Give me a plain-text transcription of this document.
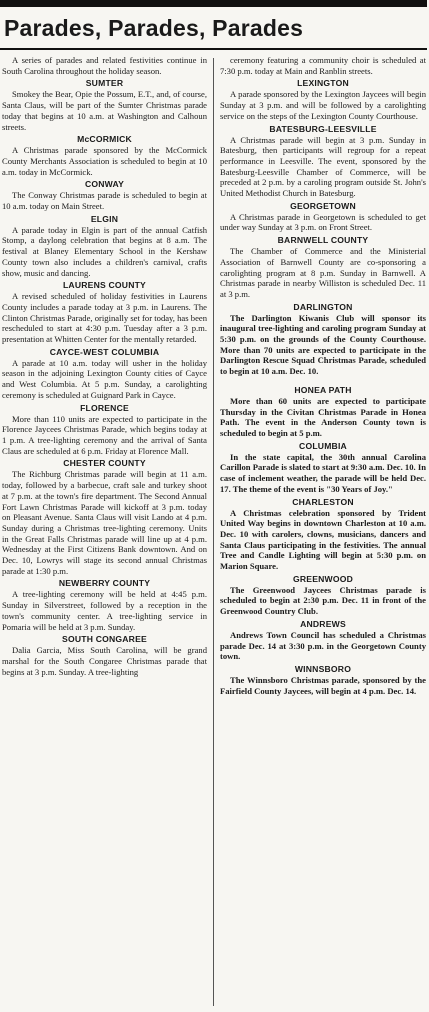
Parades, Parades, Parades

A series of parades and related festivities continue in South Carolina throughout the holiday season.

SUMTER

Smokey the Bear, Opie the Possum, E.T., and, of course, Santa Claus, will be part of the Sumter Christmas parade today that begins at 10 a.m. at Washington and Calhoun streets.

McCORMICK

A Christmas parade sponsored by the McCormick County Merchants Association is scheduled to begin at 10 a.m. today in McCormick.

CONWAY

The Conway Christmas parade is scheduled to begin at 10 a.m. today on Main Street.

ELGIN

A parade today in Elgin is part of the annual Catfish Stomp, a daylong celebration that begins at 8 a.m. The festival at Blaney Elementary School in the Kershaw County town also includes a children's carnival, crafts show, music and dancing.

LAURENS COUNTY

A revised scheduled of holiday festivities in Laurens County includes a parade today at 3 p.m. in Laurens. The Clinton Christmas Parade, originally set for today, has been rescheduled to start at 4:30 p.m. Tuesday after a 3 p.m. presentation at Whitten Center for the mentally retarded.

CAYCE-WEST COLUMBIA

A parade at 10 a.m. today will usher in the holiday season in the adjoining Lexington County cities of Cayce and West Columbia. At 5 p.m. Sunday, a carolighting ceremony is scheduled at Guignard Park in Cayce.

FLORENCE

More than 110 units are expected to participate in the Florence Jaycees Christmas Parade, which begins today at 1 p.m. A tree-lighting ceremony and the arrival of Santa Claus are scheduled at 6 p.m. Friday at Florence Mall.

CHESTER COUNTY

The Richburg Christmas parade will begin at 11 a.m. today, followed by a barbecue, craft sale and turkey shoot at 7 p.m. at the town's fire department. The Second Annual Fort Lawn Christmas Parade will kickoff at 3 p.m. today on Pleasant Avenue. Santa Claus will visit Lando at 4 p.m. Sunday during a Christmas tree-lighting ceremony. Units in the Great Falls Christmas parade will line up at 4 p.m. Wednesday at the First Citizens Bank downtown. And on Dec. 10, Lowrys will stage its second annual Christmas parade at 1:30 p.m.

NEWBERRY COUNTY

A tree-lighting ceremony will be held at 4:45 p.m. Sunday in Silverstreet, followed by a reception in the town's community center. A tree-lighting service in Pomaria will be held at 3 p.m. Sunday.

SOUTH CONGAREE

Dalia Garcia, Miss South Carolina, will be grand marshal for the South Congaree Christmas parade that begins at 3 p.m. Sunday. A tree-lighting

ceremony featuring a community choir is scheduled at 7:30 p.m. today at Main and Ranblin streets.

LEXINGTON

A parade sponsored by the Lexington Jaycees will begin Sunday at 3 p.m. and will be followed by a carolighting service on the steps of the Lexington County Courthouse.

BATESBURG-LEESVILLE

A Christmas parade will begin at 3 p.m. Sunday in Batesburg, then participants will regroup for a repeat performance in Leesville. The event, sponsored by the Batesburg-Leesville Chamber of Commerce, will be preceded at 2 p.m. by a caroling program outside St. John's United Methodist Church in Batesburg.

GEORGETOWN

A Christmas parade in Georgetown is scheduled to get under way Sunday at 3 p.m. on Front Street.

BARNWELL COUNTY

The Chamber of Commerce and the Ministerial Association of Barnwell County are co-sponsoring a carolighting program at 8 p.m. Sunday in Barnwell. A Christmas parade in nearby Williston is scheduled Dec. 11 at 3 p.m.

DARLINGTON

The Darlington Kiwanis Club will sponsor its inaugural tree-lighting and caroling program Sunday at 5:30 p.m. on the grounds of the County Courthouse. More than 70 units are expected to participate in the Darlington Rescue Squad Christmas Parade, scheduled to begin at 10 a.m. Dec. 10.

HONEA PATH

More than 60 units are expected to participate Thursday in the Civitan Christmas Parade in Honea Path. The event in the Anderson County town is scheduled to begin at 5 p.m.

COLUMBIA

In the state capital, the 30th annual Carolina Carillon Parade is slated to start at 9:30 a.m. Dec. 10. In case of inclement weather, the parade will be held Dec. 17. The theme of the event is "30 Years of Joy."

CHARLESTON

A Christmas celebration sponsored by Trident United Way begins in downtown Charleston at 10 a.m. Dec. 10 with carolers, clowns, musicians, dancers and Santa Claus participating in the festivities. The annual Tree and Candle Lighting will begin at 5:30 p.m. on Marion Square.

GREENWOOD

The Greenwood Jaycees Christmas parade is scheduled to begin at 2:30 p.m. Dec. 11 in front of the Greenwood Country Club.

ANDREWS

Andrews Town Council has scheduled a Christmas parade Dec. 14 at 3:30 p.m. in the Georgetown County town.

WINNSBORO

The Winnsboro Christmas parade, sponsored by the Fairfield County Jaycees, will begin at 4 p.m. Dec. 14.
